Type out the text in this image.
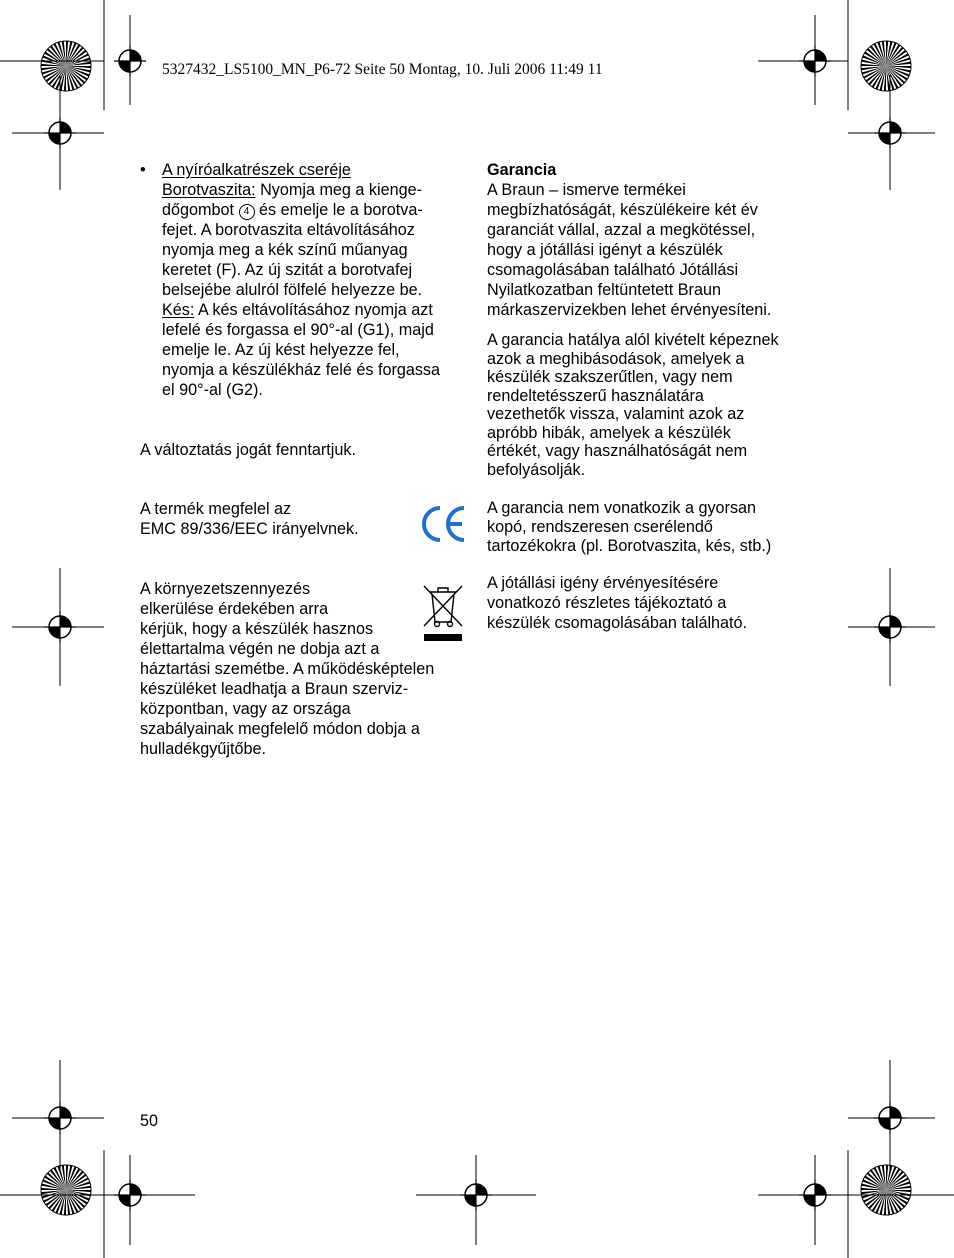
5327432_LS5100_MN_P6-72 Seite 50 Montag, 10. Juli 2006 11:49 11
• A nyíróalkatrészek cseréje

Borotvaszita: Nyomja meg a kienge-

dőgombot 4 és emelje le a borotva-

fejet. A borotvaszita eltávolításához

nyomja meg a kék színű műanyag

keretet (F). Az új szitát a borotvafej

belsejébe alulról fölfelé helyezze be.

Kés: A kés eltávolításához nyomja azt

lefelé és forgassa el 90°-al (G1), majd

emelje le. Az új kést helyezze fel,

nyomja a készülékház felé és forgassa

el 90°-al (G2).

A változtatás jogát fenntartjuk.

A termék megfelel az

EMC 89/336/EEC irányelvnek.

A környezetszennyezés

elkerülése érdekében arra

kérjük, hogy a készülék hasznos

élettartalma végén ne dobja azt a

háztartási szemétbe. A működésképtelen

készüléket leadhatja a Braun szerviz-

központban, vagy az országa

szabályainak megfelelő módon dobja a

hulladékgyűjtőbe.

Garancia

A Braun – ismerve termékei

megbízhatóságát, készülékeire két év

garanciát vállal, azzal a megkötéssel,

hogy a jótállási igényt a készülék

csomagolásában található Jótállási

Nyilatkozatban feltüntetett Braun

márkaszervizekben lehet érvényesíteni.

A garancia hatálya alól kivételt képeznek

azok a meghibásodások, amelyek a

készülék szakszerűtlen, vagy nem

rendeltetésszerű használatára

vezethetők vissza, valamint azok az

apróbb hibák, amelyek a készülék

értékét, vagy használhatóságát nem

befolyásolják.

A garancia nem vonatkozik a gyorsan

kopó, rendszeresen cserélendő

tartozékokra (pl. Borotvaszita, kés, stb.)

A jótállási igény érvényesítésére

vonatkozó részletes tájékoztató a

készülék csomagolásában található.

50
